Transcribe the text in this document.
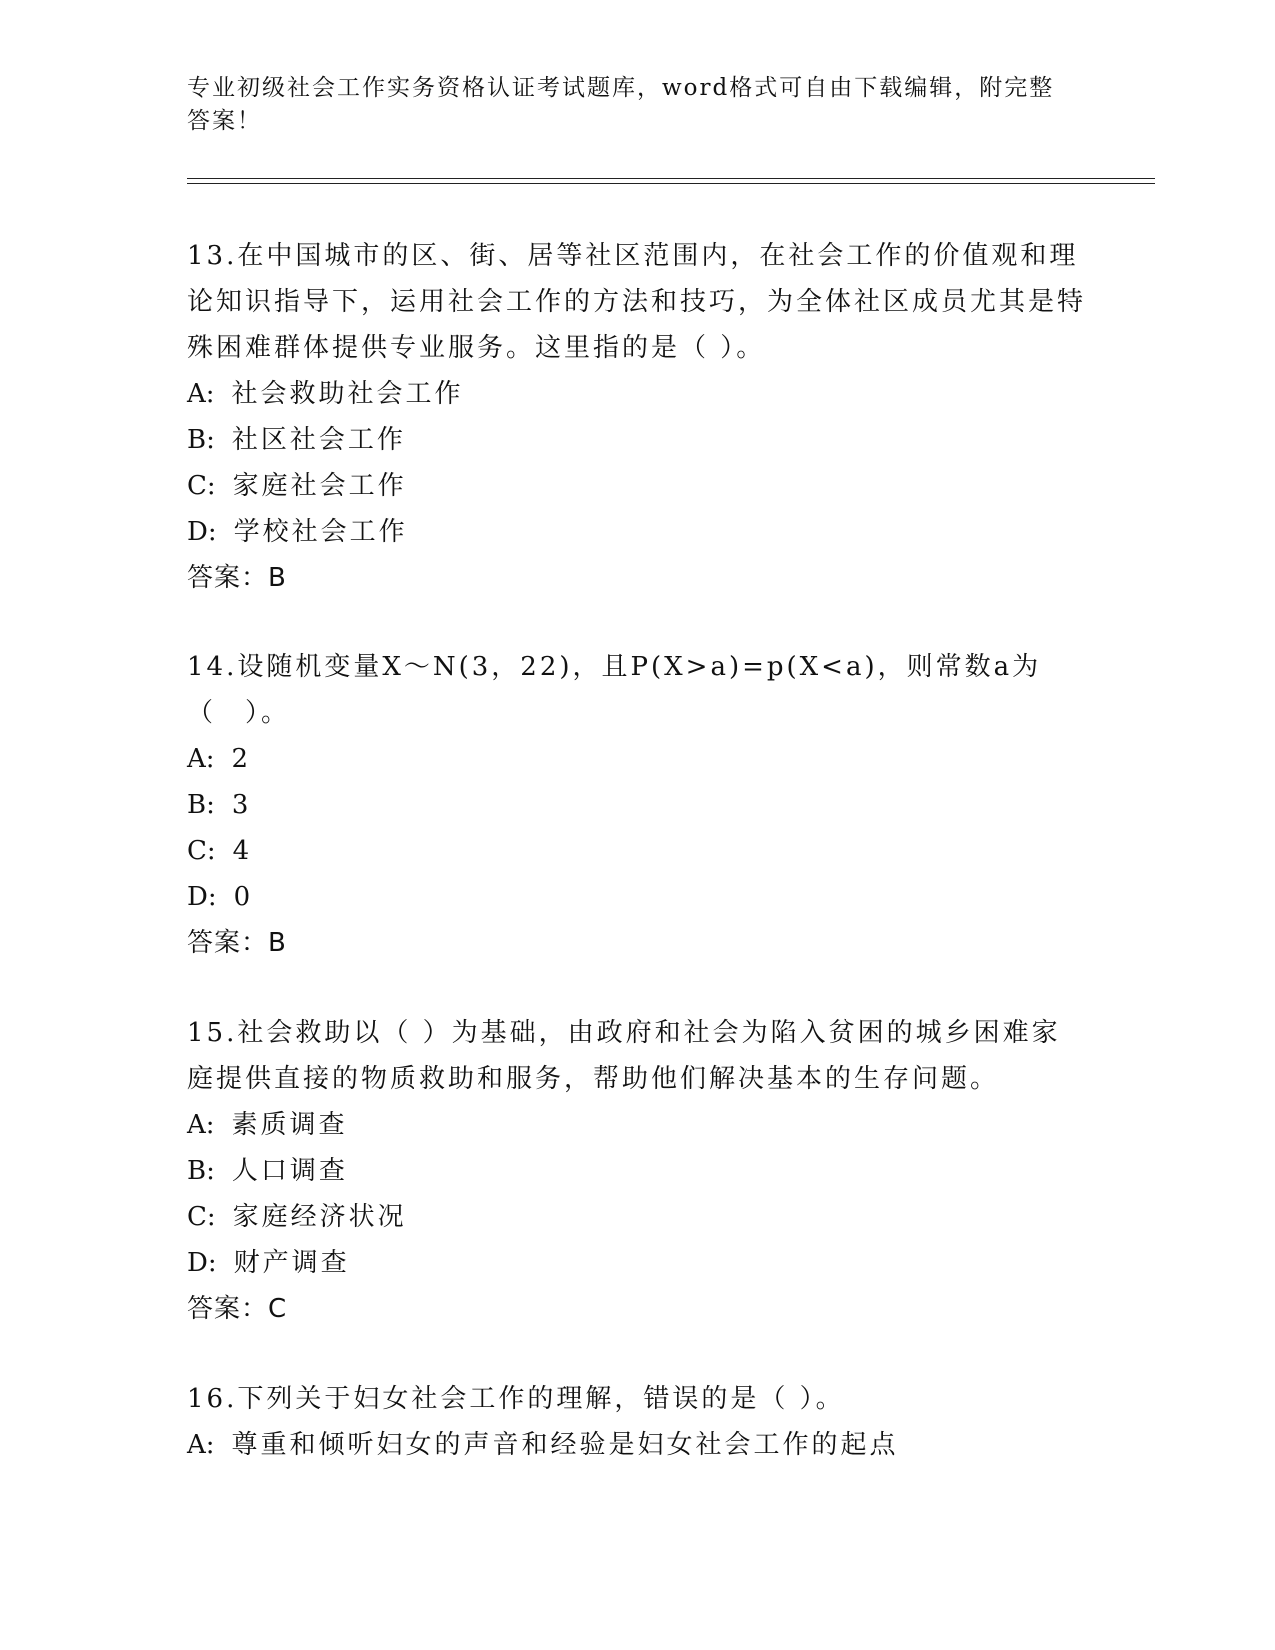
专业初级社会工作实务资格认证考试题库，word格式可自由下载编辑，附完整答案！

13.在中国城市的区、街、居等社区范围内，在社会工作的价值观和理论知识指导下，运用社会工作的方法和技巧，为全体社区成员尤其是特殊困难群体提供专业服务。这里指的是（ ）。

A: 社会救助社会工作

B: 社区社会工作

C: 家庭社会工作

D: 学校社会工作

答案：B

14.设随机变量X～N(3，22)，且P(X>a)=p(X<a)，则常数a为（　）。

A: 2

B: 3

C: 4

D: 0

答案：B

15.社会救助以（ ）为基础，由政府和社会为陷入贫困的城乡困难家庭提供直接的物质救助和服务，帮助他们解决基本的生存问题。

A: 素质调查

B: 人口调查

C: 家庭经济状况

D: 财产调查

答案：C

16.下列关于妇女社会工作的理解，错误的是（ ）。

A: 尊重和倾听妇女的声音和经验是妇女社会工作的起点
